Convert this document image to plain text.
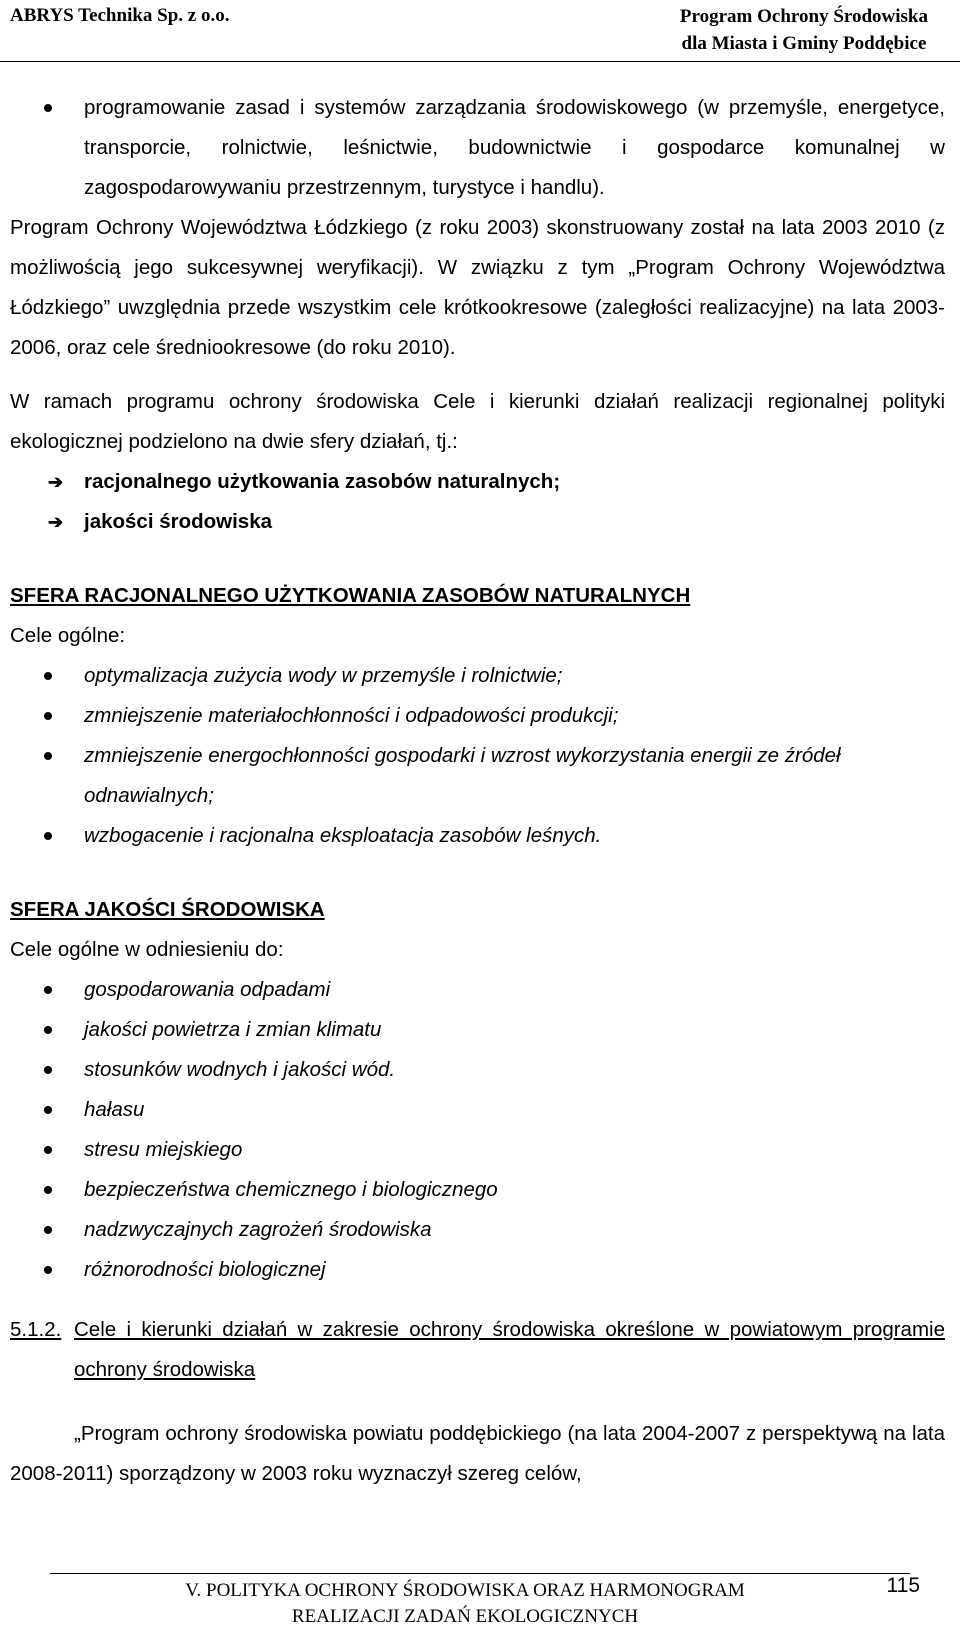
ABRYS Technika Sp. z o.o.	Program Ochrony Środowiska
dla Miasta i Gminy Poddębice
programowanie zasad i systemów zarządzania środowiskowego (w przemyśle, energetyce, transporcie, rolnictwie, leśnictwie, budownictwie i gospodarce komunalnej w zagospodarowywaniu przestrzennym, turystyce i handlu).

Program Ochrony Województwa Łódzkiego (z roku 2003) skonstruowany został na lata 2003 2010 (z możliwością jego sukcesywnej weryfikacji). W związku z tym „Program Ochrony Województwa Łódzkiego” uwzględnia przede wszystkim cele krótkookresowe (zaległości realizacyjne) na lata 2003-2006, oraz cele średniookresowe (do roku 2010).

W ramach programu ochrony środowiska Cele i kierunki działań realizacji regionalnej polityki ekologicznej podzielono na dwie sfery działań, tj.:

➔ racjonalnego użytkowania zasobów naturalnych;
➔ jakości środowiska
SFERA RACJONALNEGO UŻYTKOWANIA ZASOBÓW NATURALNYCH
Cele ogólne:
optymalizacja zużycia wody w przemyśle i rolnictwie;
zmniejszenie materiałochłonności i odpadowości produkcji;
zmniejszenie energochłonności gospodarki i wzrost wykorzystania energii ze źródeł odnawialnych;
wzbogacenie i racjonalna eksploatacja zasobów leśnych.
SFERA JAKOŚCI ŚRODOWISKA
Cele ogólne w odniesieniu do:
gospodarowania odpadami
jakości powietrza i zmian klimatu
stosunków wodnych i jakości wód.
hałasu
stresu miejskiego
bezpieczeństwa chemicznego i biologicznego
nadzwyczajnych zagrożeń środowiska
różnorodności biologicznej
5.1.2. Cele i kierunki działań w zakresie ochrony środowiska określone w powiatowym programie ochrony środowiska

„Program ochrony środowiska powiatu poddębickiego (na lata 2004-2007 z perspektywą na lata 2008-2011) sporządzony w 2003 roku wyznaczył szereg celów,

V. POLITYKA OCHRONY ŚRODOWISKA ORAZ HARMONOGRAM
REALIZACJI ZADAŃ EKOLOGICZNYCH
115
